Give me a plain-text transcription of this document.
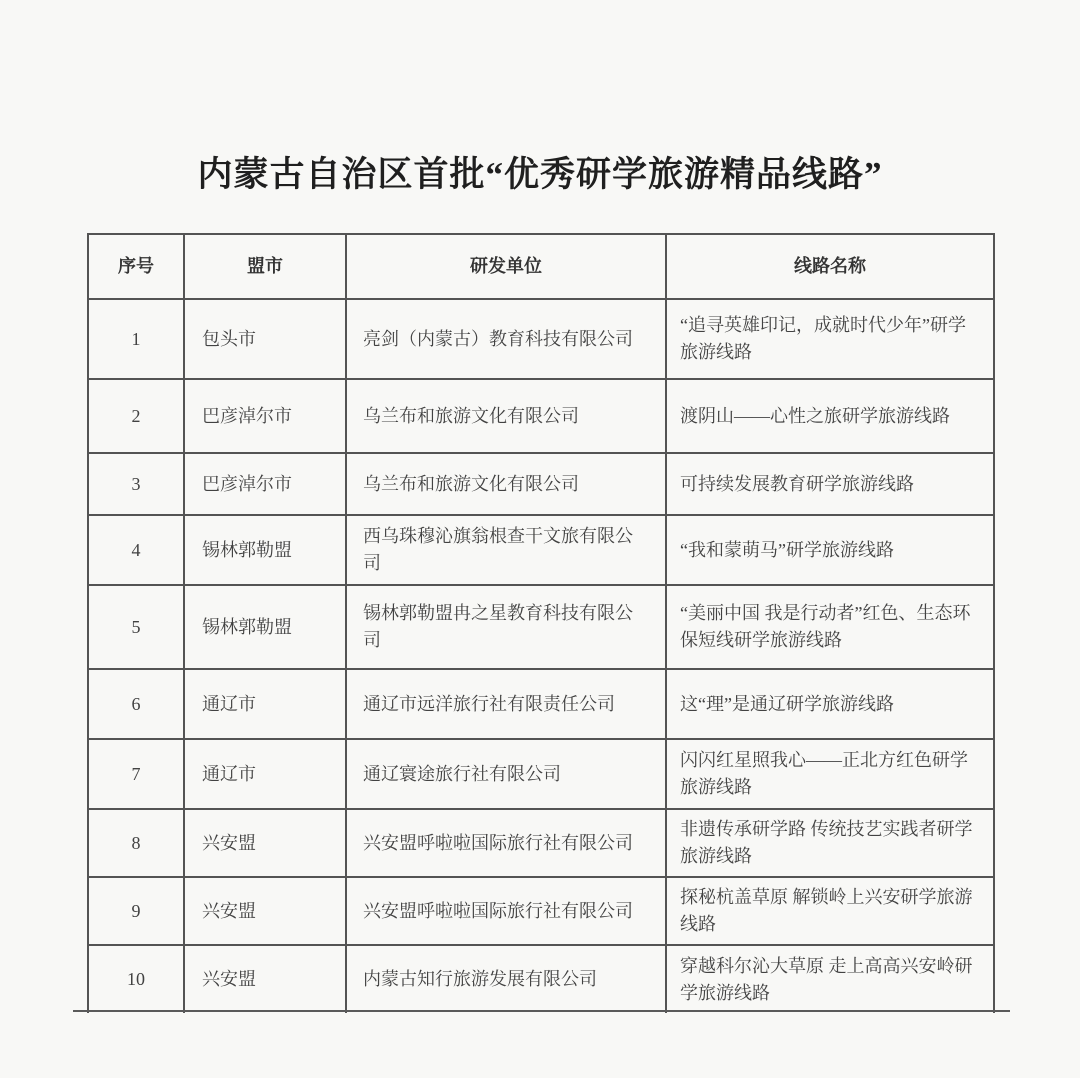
内蒙古自治区首批“优秀研学旅游精品线路”
序号	盟市	研发单位	线路名称
1	包头市	亮剑（内蒙古）教育科技有限公司	“追寻英雄印记，成就时代少年”研学旅游线路
2	巴彦淖尔市	乌兰布和旅游文化有限公司	渡阴山——心性之旅研学旅游线路
3	巴彦淖尔市	乌兰布和旅游文化有限公司	可持续发展教育研学旅游线路
4	锡林郭勒盟	西乌珠穆沁旗翁根查干文旅有限公司	“我和蒙萌马”研学旅游线路
5	锡林郭勒盟	锡林郭勒盟冉之星教育科技有限公司	“美丽中国 我是行动者”红色、生态环保短线研学旅游线路
6	通辽市	通辽市远洋旅行社有限责任公司	这“理”是通辽研学旅游线路
7	通辽市	通辽寰途旅行社有限公司	闪闪红星照我心——正北方红色研学旅游线路
8	兴安盟	兴安盟呼啦啦国际旅行社有限公司	非遗传承研学路 传统技艺实践者研学旅游线路
9	兴安盟	兴安盟呼啦啦国际旅行社有限公司	探秘杭盖草原 解锁岭上兴安研学旅游线路
10	兴安盟	内蒙古知行旅游发展有限公司	穿越科尔沁大草原 走上高高兴安岭研学旅游线路
